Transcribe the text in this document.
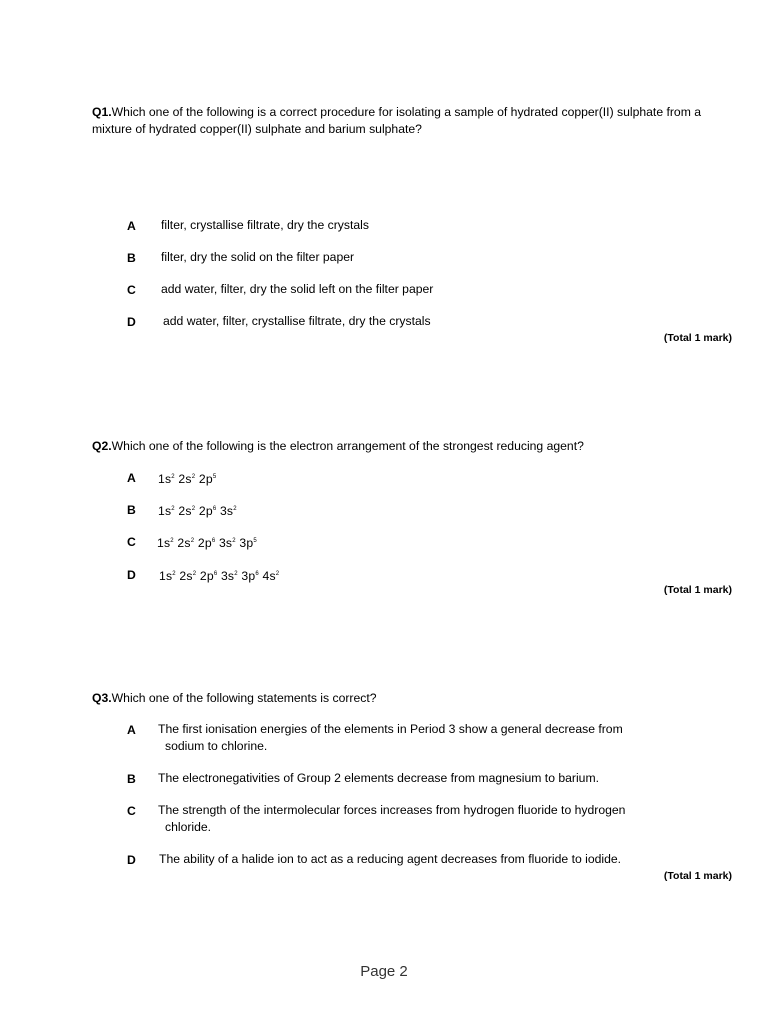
Q1.Which one of the following is a correct procedure for isolating a sample of hydrated copper(II) sulphate from a mixture of hydrated copper(II) sulphate and barium sulphate?
A filter, crystallise filtrate, dry the crystals
B filter, dry the solid on the filter paper
C add water, filter, dry the solid left on the filter paper
D add water, filter, crystallise filtrate, dry the crystals
(Total 1 mark)
Q2.Which one of the following is the electron arrangement of the strongest reducing agent?
A $1s^2$ $2s^2$ $2p^5$
B $1s^2$ $2s^2$ $2p^6$ $3s^2$
C $1s^2$ $2s^2$ $2p^6$ $3s^2$ $3p^5$
D $1s^2$ $2s^2$ $2p^6$ $3s^2$ $3p^6$ $4s^2$
(Total 1 mark)
Q3.Which one of the following statements is correct?
A The first ionisation energies of the elements in Period 3 show a general decrease from
sodium to chlorine.
B The electronegativities of Group 2 elements decrease from magnesium to barium.
C The strength of the intermolecular forces increases from hydrogen fluoride to hydrogen
chloride.
D The ability of a halide ion to act as a reducing agent decreases from fluoride to iodide.
(Total 1 mark)
Page 2
